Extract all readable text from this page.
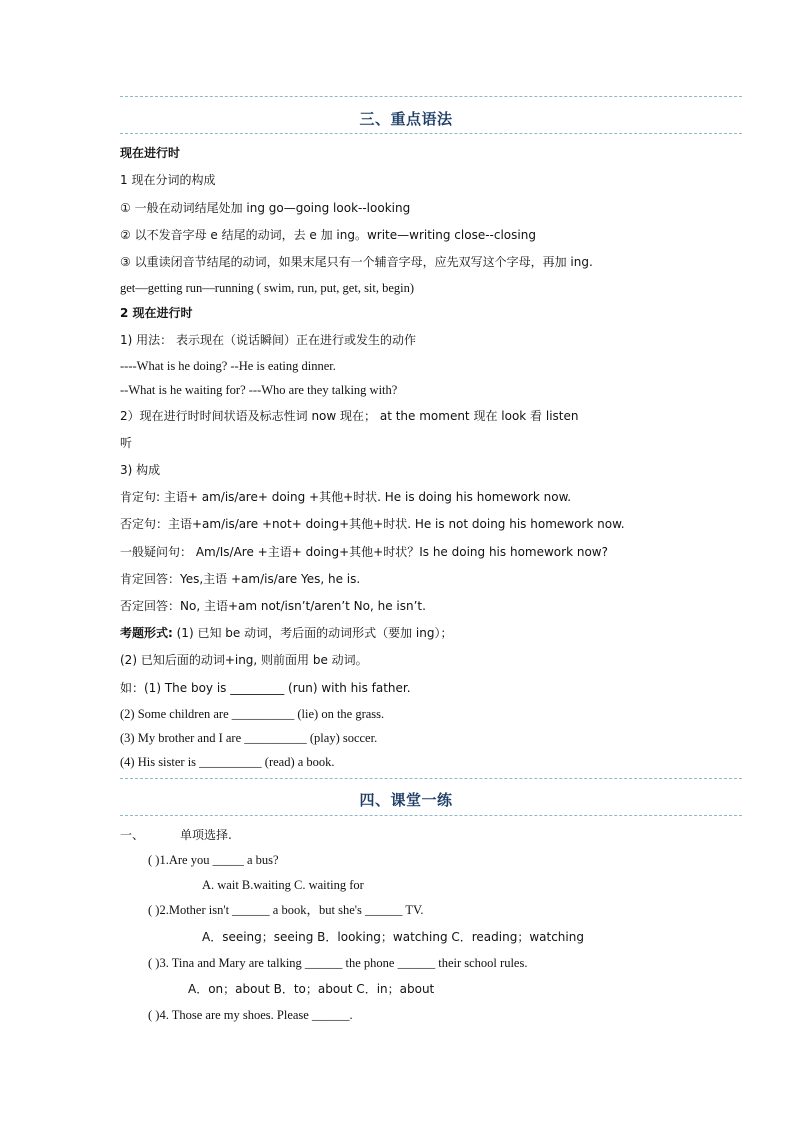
三、重点语法
现在进行时
1 现在分词的构成
① 一般在动词结尾处加 ing go—going look--looking
② 以不发音字母 e 结尾的动词，去 e 加 ing。write—writing close--closing
③ 以重读闭音节结尾的动词，如果末尾只有一个辅音字母，应先双写这个字母，再加 ing.
get—getting run—running ( swim, run, put, get, sit, begin)
2 现在进行时
1) 用法： 表示现在（说话瞬间）正在进行或发生的动作
----What is he doing? --He is eating dinner.
--What is he waiting for? ---Who are they talking with?
2）现在进行时时间状语及标志性词 now 现在； at the moment 现在 look 看 listen
听
3) 构成
肯定句: 主语+ am/is/are+ doing +其他+时状. He is doing his homework now.
否定句：主语+am/is/are +not+ doing+其他+时状. He is not doing his homework now.
一般疑问句： Am/Is/Are +主语+ doing+其他+时状？Is he doing his homework now?
肯定回答：Yes,主语 +am/is/are Yes, he is.
否定回答：No, 主语+am not/isn’t/aren’t No, he isn’t.
考题形式: (1) 已知 be 动词，考后面的动词形式（要加 ing）；
(2) 已知后面的动词+ing, 则前面用 be 动词。
如：(1) The boy is _________ (run) with his father.
(2) Some children are __________ (lie) on the grass.
(3) My brother and I are __________ (play) soccer.
(4) His sister is __________ (read) a book.
四、课堂一练
一、	单项选择.
( )1.Are you _____ a bus?
A. wait B.waiting C. waiting for
( )2.Mother isn't ______ a book，but she's ______ TV.
A．seeing；seeing B．looking；watching C．reading；watching
( )3. Tina and Mary are talking ______ the phone ______ their school rules.
A．on；about B．to；about C．in；about
( )4. Those are my shoes. Please ______.
